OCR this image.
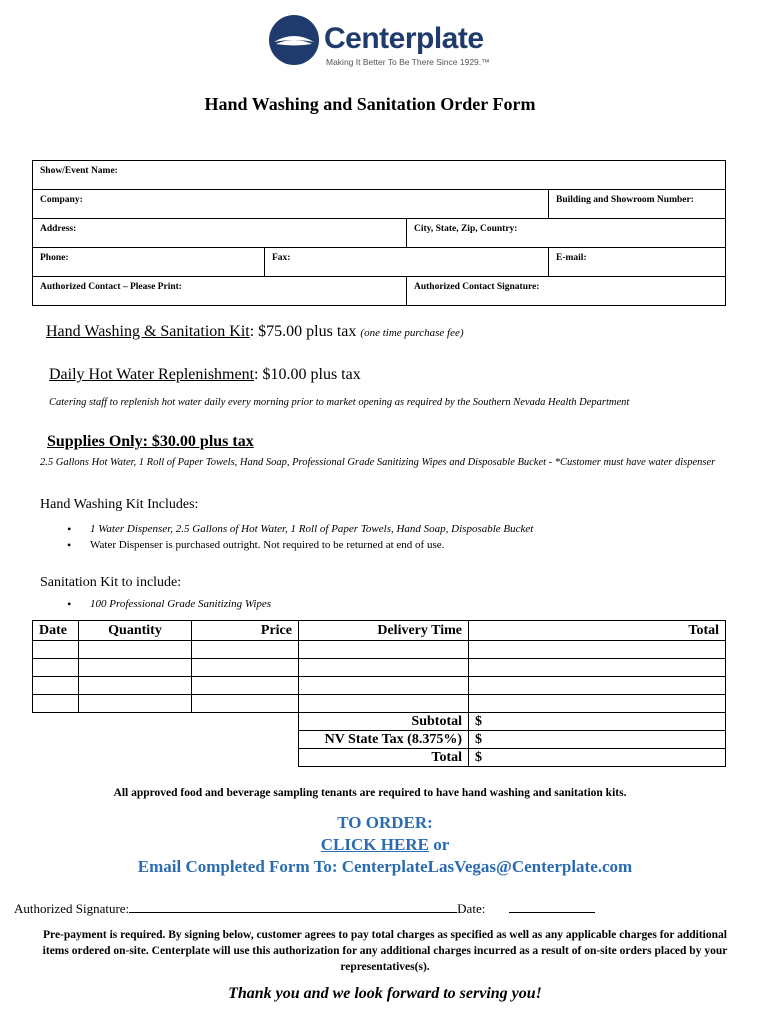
Centerplate
Making It Better To Be There Since 1929.™
Hand Washing and Sanitation Order Form
Show/Event Name:			
Company:			Building and Showroom Number:
Address:		City, State, Zip, Country:	
Phone:	Fax:		E-mail:
Authorized Contact – Please Print:		Authorized Contact Signature:	
Hand Washing & Sanitation Kit: $75.00 plus tax (one time purchase fee)
Daily Hot Water Replenishment: $10.00 plus tax
Catering staff to replenish hot water daily every morning prior to market opening as required by the Southern Nevada Health Department
Supplies Only: $30.00 plus tax
2.5 Gallons Hot Water, 1 Roll of Paper Towels, Hand Soap, Professional Grade Sanitizing Wipes and Disposable Bucket - *Customer must have water dispenser
Hand Washing Kit Includes:
• 1 Water Dispenser, 2.5 Gallons of Hot Water, 1 Roll of Paper Towels, Hand Soap, Disposable Bucket
• Water Dispenser is purchased outright. Not required to be returned at end of use.
Sanitation Kit to include:
• 100 Professional Grade Sanitizing Wipes
Date	Quantity	Price	Delivery Time	Total

			Subtotal	$
			NV State Tax (8.375%)	$
			Total	$
All approved food and beverage sampling tenants are required to have hand washing and sanitation kits.
TO ORDER:
CLICK HERE or
Email Completed Form To: CenterplateLasVegas@Centerplate.com
Authorized Signature:	Date:
Pre-payment is required. By signing below, customer agrees to pay total charges as specified as well as any applicable charges for additional items ordered on-site. Centerplate will use this authorization for any additional charges incurred as a result of on-site orders placed by your representatives(s).
Thank you and we look forward to serving you!
